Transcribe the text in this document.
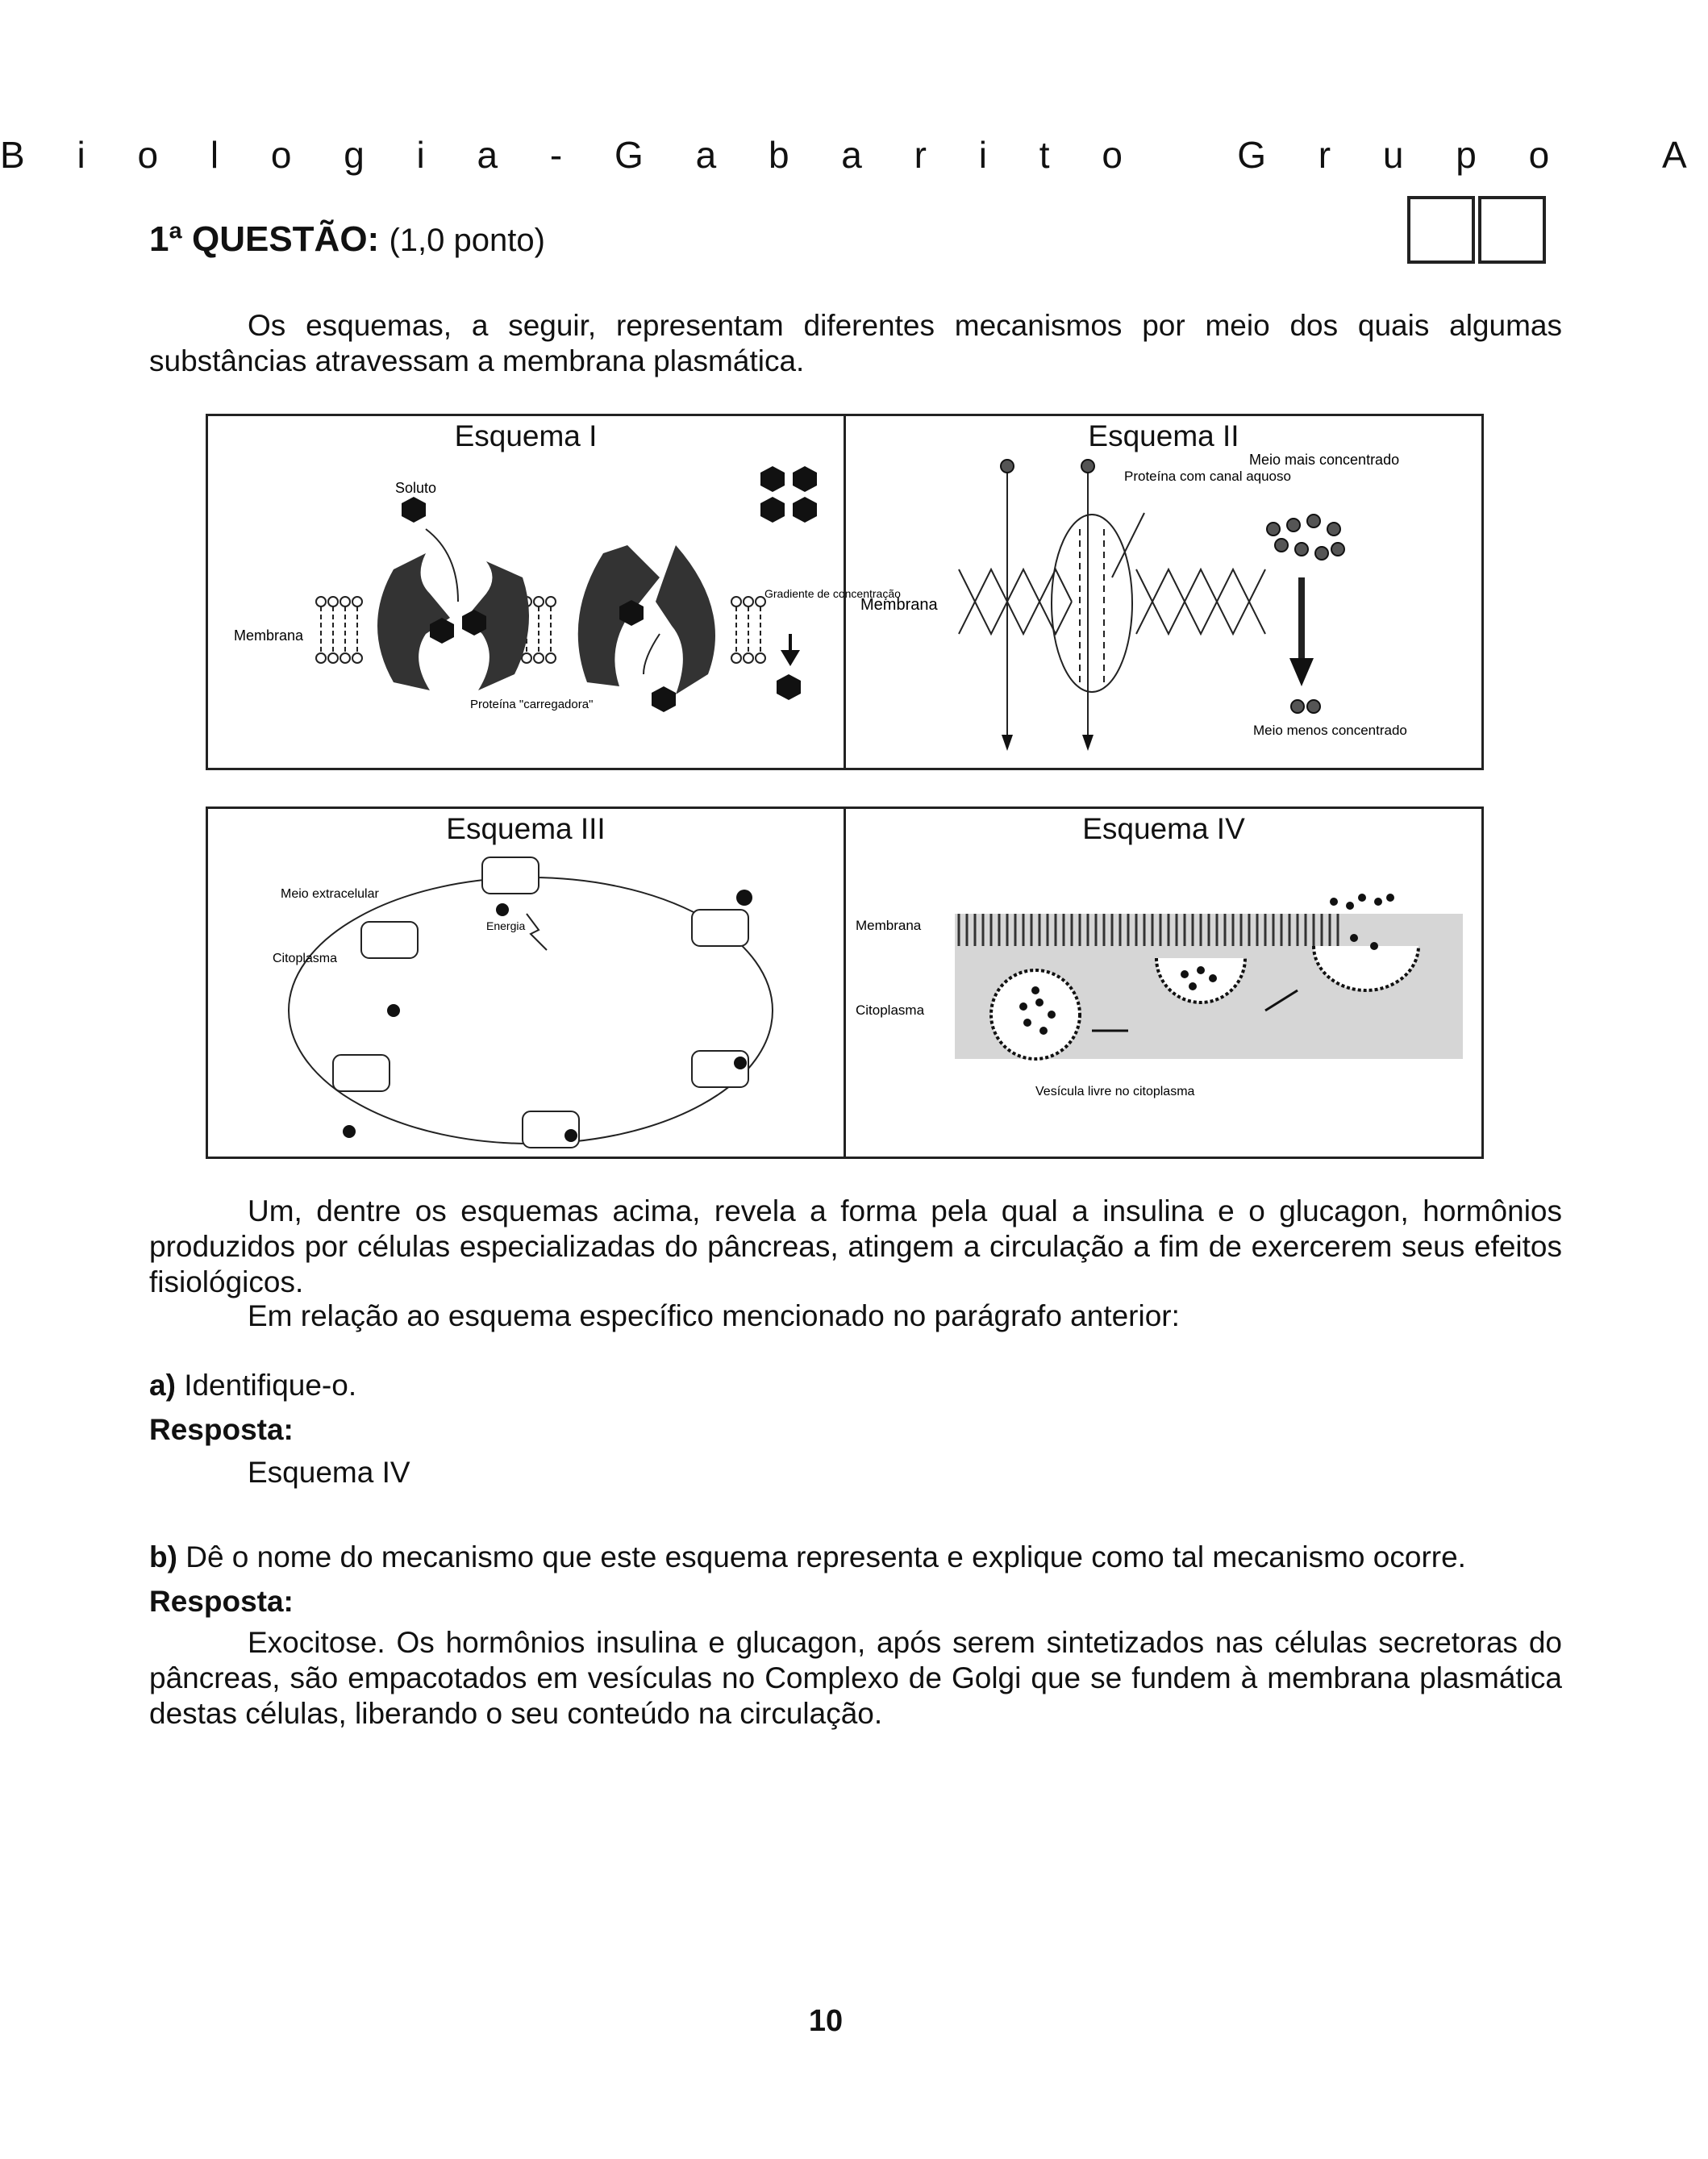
B i o l o g i a - G a b a r i t o   G r u p o   A
1ª QUESTÃO: (1,0 ponto)
Os esquemas, a seguir, representam diferentes mecanismos por meio dos quais algumas substâncias atravessam a membrana plasmática.
Esquema I
Soluto
Membrana
Proteína "carregadora"
Gradiente de concentração
Esquema II
Membrana
Proteína com canal aquoso
Meio mais concentrado
Meio menos concentrado
Esquema III
Meio extracelular
Citoplasma
Energia
Esquema IV
Membrana
Citoplasma
Vesícula livre no citoplasma
Um, dentre os esquemas acima, revela a forma pela qual a insulina e o glucagon, hormônios produzidos por células especializadas do pâncreas, atingem a circulação a fim de exercerem seus efeitos fisiológicos.
Em relação ao esquema específico mencionado no parágrafo anterior:
a) Identifique-o.
Resposta:
Esquema IV
b) Dê o nome do mecanismo que este esquema representa e explique como tal mecanismo ocorre.
Resposta:
Exocitose. Os hormônios insulina e glucagon, após serem sintetizados nas células secretoras do pâncreas, são empacotados em vesículas no Complexo de Golgi que se fundem à membrana plasmática destas células, liberando o seu conteúdo na circulação.
10
